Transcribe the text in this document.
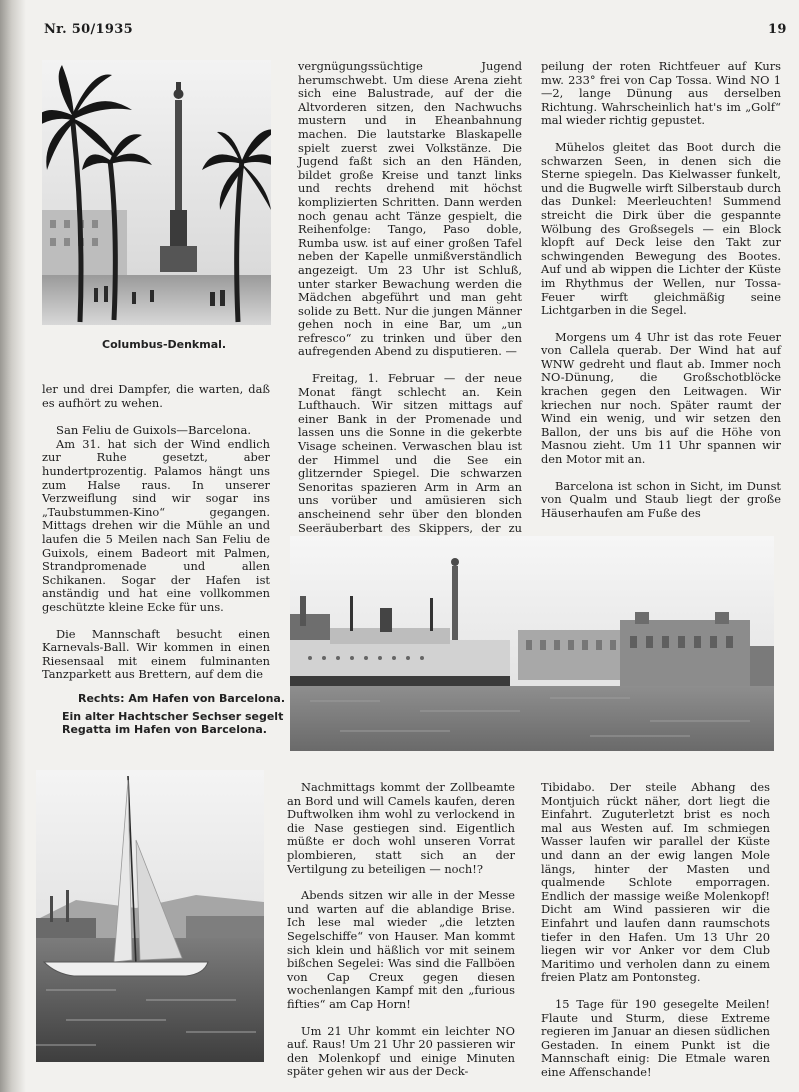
Nr. 50/1935	19
Columbus-Denkmal.

ler und drei Dampfer, die warten, daß es aufhört zu wehen.

San Feliu de Guixols—Barcelona.

Am 31. hat sich der Wind endlich zur Ruhe gesetzt, aber hundertprozentig. Palamos hängt uns zum Halse raus. In unserer Verzweiflung sind wir sogar ins „Taubstummen-Kino“ gegangen. Mittags drehen wir die Mühle an und laufen die 5 Meilen nach San Feliu de Guixols, einem Badeort mit Palmen, Strandpromenade und allen Schikanen. Sogar der Hafen ist anständig und hat eine vollkommen geschützte kleine Ecke für uns.

Die Mannschaft besucht einen Karnevals-Ball. Wir kommen in einen Riesensaal mit einem fulminanten Tanzparkett aus Brettern, auf dem die

Rechts: Am Hafen von Barcelona.
Ein alter Hachtscher Sechser segelt
Regatta im Hafen von Barcelona.

vergnügungssüchtige Jugend herumschwebt. Um diese Arena zieht sich eine Balustrade, auf der die Altvorderen sitzen, den Nachwuchs mustern und in Eheanbahnung machen. Die lautstarke Blaskapelle spielt zuerst zwei Volkstänze. Die Jugend faßt sich an den Händen, bildet große Kreise und tanzt links und rechts drehend mit höchst komplizierten Schritten. Dann werden noch genau acht Tänze gespielt, die Reihenfolge: Tango, Paso doble, Rumba usw. ist auf einer großen Tafel neben der Kapelle unmißverständlich angezeigt. Um 23 Uhr ist Schluß, unter starker Bewachung werden die Mädchen abgeführt und man geht solide zu Bett. Nur die jungen Männer gehen noch in eine Bar, um „un refresco“ zu trinken und über den aufregenden Abend zu disputieren. —

Freitag, 1. Februar — der neue Monat fängt schlecht an. Kein Lufthauch. Wir sitzen mittags auf einer Bank in der Promenade und lassen uns die Sonne in die gekerbte Visage scheinen. Verwaschen blau ist der Himmel und die See ein glitzernder Spiegel. Die schwarzen Senoritas spazieren Arm in Arm an uns vorüber und amüsieren sich anscheinend sehr über den blonden Seeräuberbart des Skippers, der zu

peilung der roten Richtfeuer auf Kurs mw. 233° frei von Cap Tossa. Wind NO 1—2, lange Dünung aus derselben Richtung. Wahrscheinlich hat's im „Golf“ mal wieder richtig gepustet.

Mühelos gleitet das Boot durch die schwarzen Seen, in denen sich die Sterne spiegeln. Das Kielwasser funkelt, und die Bugwelle wirft Silberstaub durch das Dunkel: Meerleuchten! Summend streicht die Dirk über die gespannte Wölbung des Großsegels — ein Block klopft auf Deck leise den Takt zur schwingenden Bewegung des Bootes. Auf und ab wippen die Lichter der Küste im Rhythmus der Wellen, nur Tossa-Feuer wirft gleichmäßig seine Lichtgarben in die Segel.

Morgens um 4 Uhr ist das rote Feuer von Callela querab. Der Wind hat auf WNW gedreht und flaut ab. Immer noch NO-Dünung, die Großschotblöcke krachen gegen den Leitwagen. Wir kriechen nur noch. Später raumt der Wind ein wenig, und wir setzen den Ballon, der uns bis auf die Höhe von Masnou zieht. Um 11 Uhr spannen wir den Motor mit an.

Barcelona ist schon in Sicht, im Dunst von Qualm und Staub liegt der große Häuserhaufen am Fuße des

Nachmittags kommt der Zollbeamte an Bord und will Camels kaufen, deren Duftwolken ihm wohl zu verlockend in die Nase gestiegen sind. Eigentlich müßte er doch wohl unseren Vorrat plombieren, statt sich an der Vertilgung zu beteiligen — noch!?

Abends sitzen wir alle in der Messe und warten auf die ablandige Brise. Ich lese mal wieder „die letzten Segelschiffe“ von Hauser. Man kommt sich klein und häßlich vor mit seinem bißchen Segelei: Was sind die Fallböen von Cap Creux gegen diesen wochenlangen Kampf mit den „furious fifties“ am Cap Horn!

Um 21 Uhr kommt ein leichter NO auf. Raus! Um 21 Uhr 20 passieren wir den Molenkopf und einige Minuten später gehen wir aus der Deck-

Tibidabo. Der steile Abhang des Montjuich rückt näher, dort liegt die Einfahrt. Zuguterletzt brist es noch mal aus Westen auf. Im schmiegen Wasser laufen wir parallel der Küste und dann an der ewig langen Mole längs, hinter der Masten und qualmende Schlote emporragen. Endlich der massige weiße Molenkopf! Dicht am Wind passieren wir die Einfahrt und laufen dann raumschots tiefer in den Hafen. Um 13 Uhr 20 liegen wir vor Anker vor dem Club Maritimo und verholen dann zu einem freien Platz am Pontonsteg.

15 Tage für 190 gesegelte Meilen! Flaute und Sturm, diese Extreme regieren im Januar an diesen südlichen Gestaden. In einem Punkt ist die Mannschaft einig: Die Etmale waren eine Affenschande!
